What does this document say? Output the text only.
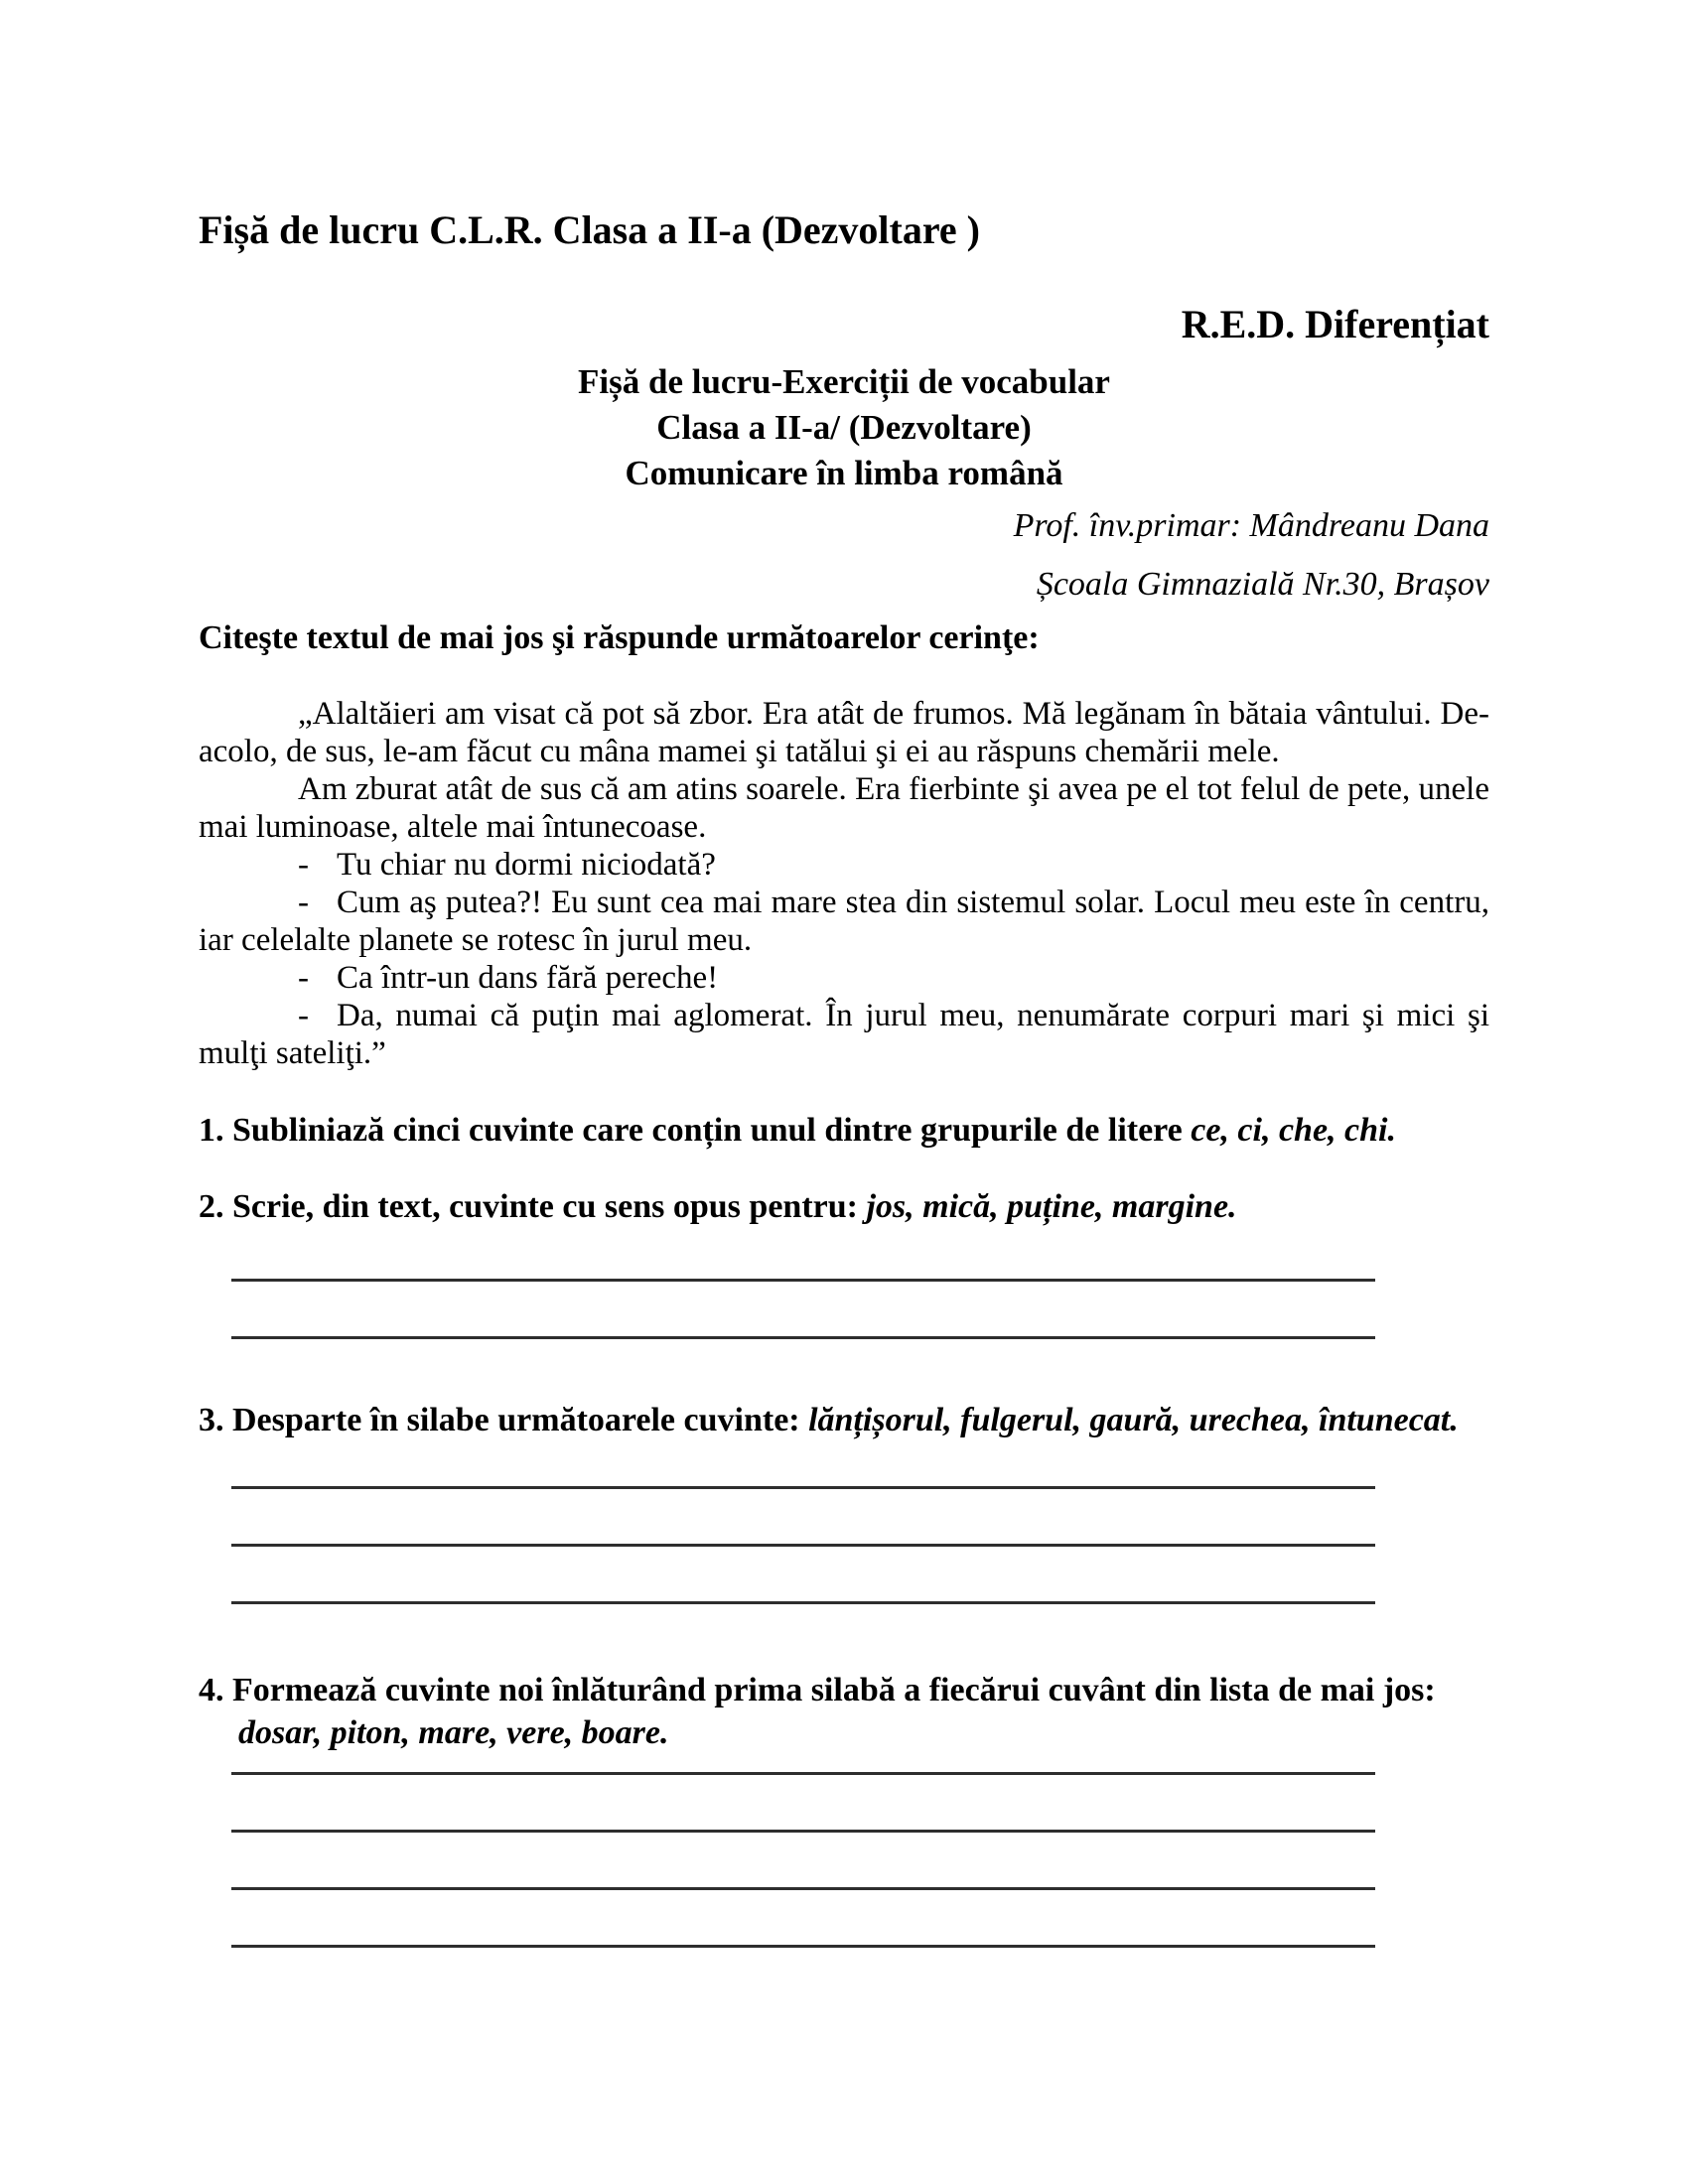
Fișă de lucru C.L.R. Clasa a II-a (Dezvoltare )
R.E.D. Diferențiat
Fișă de lucru-Exerciții de vocabular
Clasa a II-a/ (Dezvoltare)
Comunicare în limba română
Prof. înv.primar: Mândreanu Dana
Școala Gimnazială Nr.30, Brașov
Citeşte textul de mai jos şi răspunde următoarelor cerinţe:

„Alaltăieri am visat că pot să zbor. Era atât de frumos. Mă legănam în bătaia vântului. De-acolo, de sus, le-am făcut cu mâna mamei şi tatălui şi ei au răspuns chemării mele.

Am zburat atât de sus că am atins soarele. Era fierbinte şi avea pe el tot felul de pete, unele mai luminoase, altele mai întunecoase.

- Tu chiar nu dormi niciodată?

- Cum aş putea?! Eu sunt cea mai mare stea din sistemul solar. Locul meu este în centru, iar celelalte planete se rotesc în jurul meu.

- Ca într-un dans fără pereche!

- Da, numai că puţin mai aglomerat. În jurul meu, nenumărate corpuri mari şi mici şi mulţi sateliţi.”

1. Subliniază cinci cuvinte care conțin unul dintre grupurile de litere ce, ci, che, chi.
2. Scrie, din text, cuvinte cu sens opus pentru: jos, mică, puține, margine.
3. Desparte în silabe următoarele cuvinte: lănțișorul, fulgerul, gaură, urechea, întunecat.
4. Formează cuvinte noi înlăturând prima silabă a fiecărui cuvânt din lista de mai jos:
dosar, piton, mare, vere, boare.
